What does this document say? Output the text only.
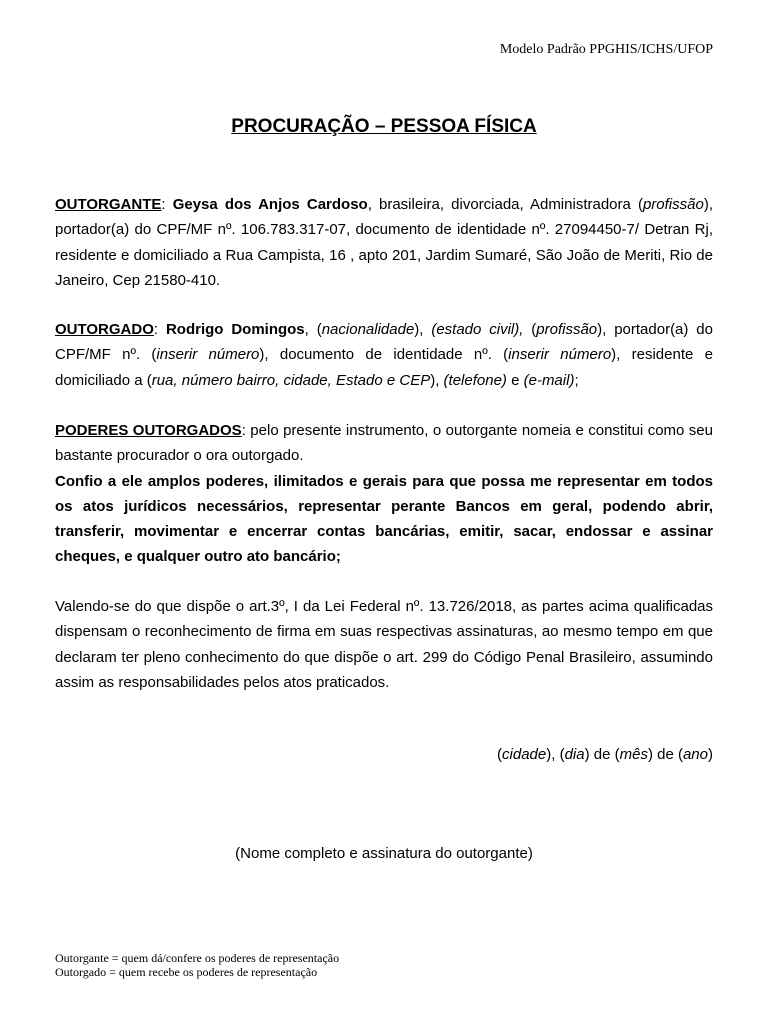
Modelo Padrão PPGHIS/ICHS/UFOP
PROCURAÇÃO – PESSOA FÍSICA

OUTORGANTE: Geysa dos Anjos Cardoso, brasileira, divorciada, Administradora (profissão), portador(a) do CPF/MF nº. 106.783.317-07, documento de identidade nº. 27094450-7/ Detran Rj, residente e domiciliado a Rua Campista, 16 , apto 201, Jardim Sumaré, São João de Meriti, Rio de Janeiro, Cep 21580-410.

OUTORGADO: Rodrigo Domingos, (nacionalidade), (estado civil), (profissão), portador(a) do CPF/MF nº. (inserir número), documento de identidade nº. (inserir número), residente e domiciliado a (rua, número bairro, cidade, Estado e CEP), (telefone) e (e-mail);

PODERES OUTORGADOS: pelo presente instrumento, o outorgante nomeia e constitui como seu bastante procurador o ora outorgado.
Confio a ele amplos poderes, ilimitados e gerais para que possa me representar em todos os atos jurídicos necessários, representar perante Bancos em geral, podendo abrir, transferir, movimentar e encerrar contas bancárias, emitir, sacar, endossar e assinar cheques, e qualquer outro ato bancário;

Valendo-se do que dispõe o art.3º, I da Lei Federal nº. 13.726/2018, as partes acima qualificadas dispensam o reconhecimento de firma em suas respectivas assinaturas, ao mesmo tempo em que declaram ter pleno conhecimento do que dispõe o art. 299 do Código Penal Brasileiro, assumindo assim as responsabilidades pelos atos praticados.

(cidade), (dia) de (mês) de (ano)
(Nome completo e assinatura do outorgante)
Outorgante = quem dá/confere os poderes de representação
Outorgado = quem recebe os poderes de representação
